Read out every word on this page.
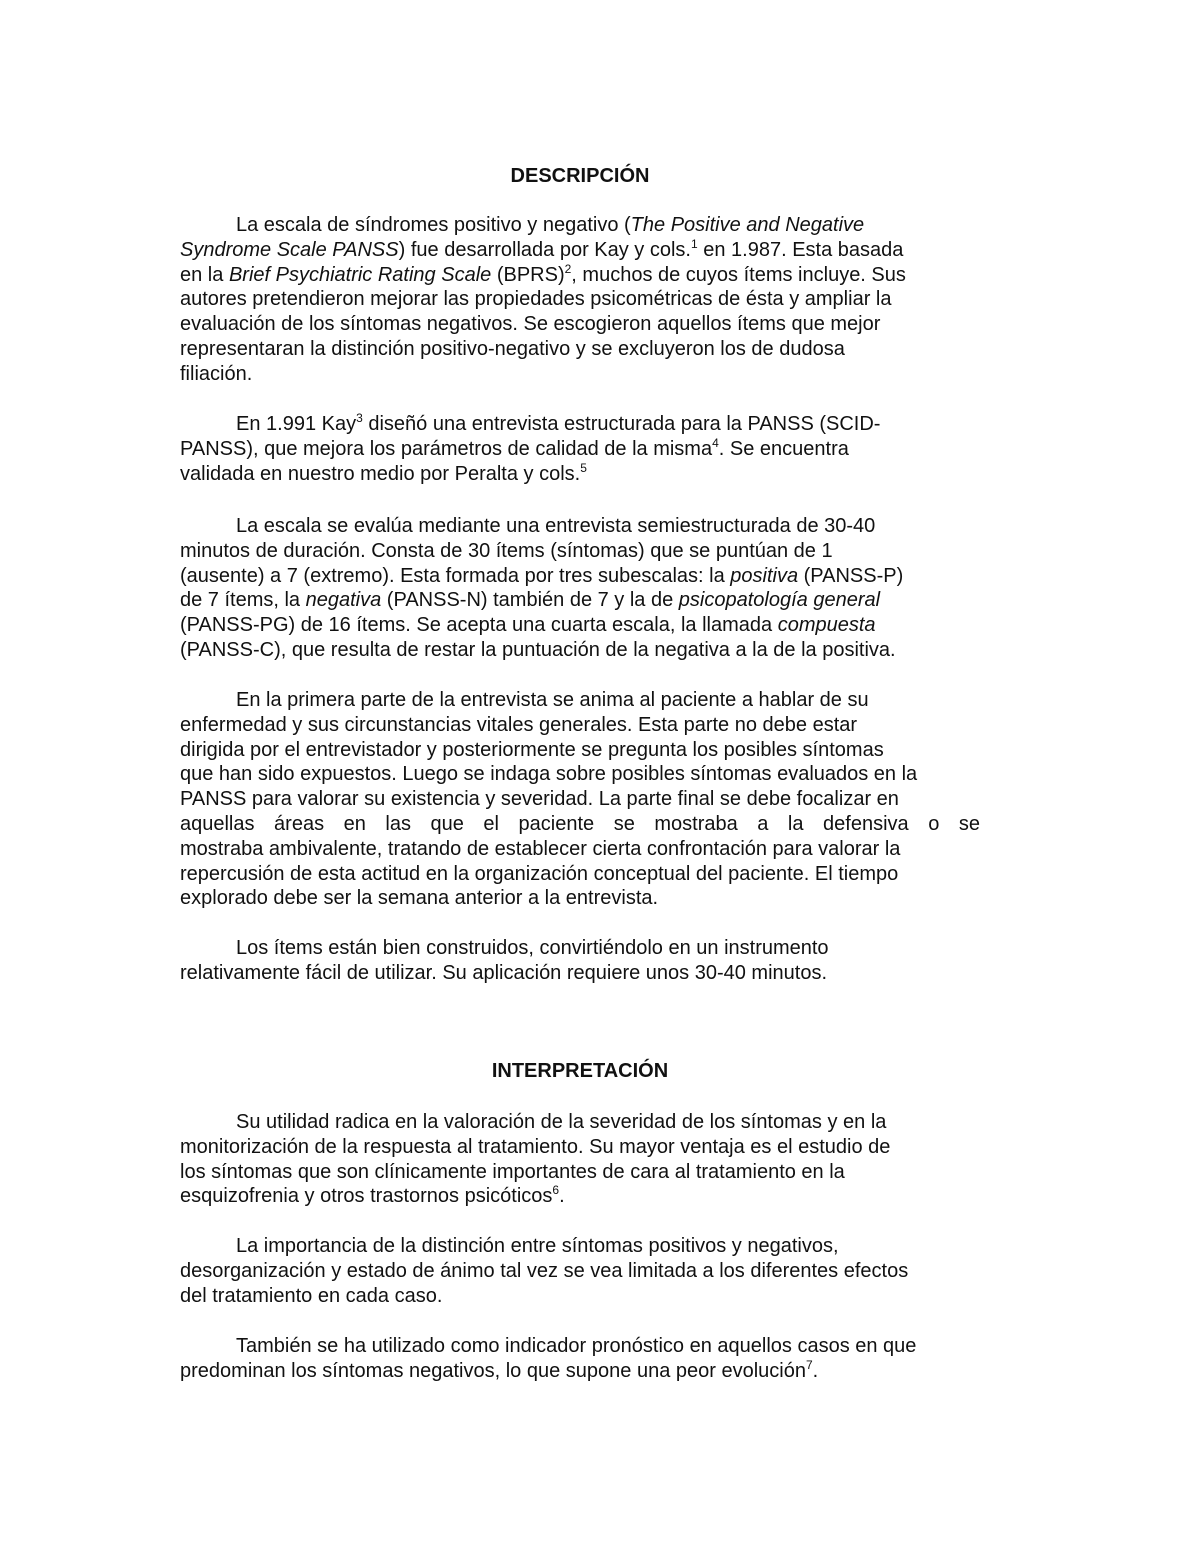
DESCRIPCIÓN
La escala de síndromes positivo y negativo (The Positive and Negative
Syndrome Scale PANSS) fue desarrollada por Kay y cols.$^1$ en 1.987. Esta basada
en la Brief Psychiatric Rating Scale (BPRS)$^2$, muchos de cuyos ítems incluye. Sus
autores pretendieron mejorar las propiedades psicométricas de ésta y ampliar la
evaluación de los síntomas negativos. Se escogieron aquellos ítems que mejor
representaran la distinción positivo-negativo y se excluyeron los de dudosa
filiación.
En 1.991 Kay$^3$ diseñó una entrevista estructurada para la PANSS (SCID-
PANSS), que mejora los parámetros de calidad de la misma$^4$. Se encuentra
validada en nuestro medio por Peralta y cols.$^5$
La escala se evalúa mediante una entrevista semiestructurada de 30-40
minutos de duración. Consta de 30 ítems (síntomas) que se puntúan de 1
(ausente) a 7 (extremo). Esta formada por tres subescalas: la positiva (PANSS-P)
de 7 ítems, la negativa (PANSS-N) también de 7 y la de psicopatología general
(PANSS-PG) de 16 ítems. Se acepta una cuarta escala, la llamada compuesta
(PANSS-C), que resulta de restar la puntuación de la negativa a la de la positiva.
En la primera parte de la entrevista se anima al paciente a hablar de su
enfermedad y sus circunstancias vitales generales. Esta parte no debe estar
dirigida por el entrevistador y posteriormente se pregunta los posibles síntomas
que han sido expuestos. Luego se indaga sobre posibles síntomas evaluados en la
PANSS para valorar su existencia y severidad. La parte final se debe focalizar en
aquellas áreas en las que el paciente se mostraba a la defensiva o se
mostraba ambivalente, tratando de establecer cierta confrontación para valorar la
repercusión de esta actitud en la organización conceptual del paciente. El tiempo
explorado debe ser la semana anterior a la entrevista.
Los ítems están bien construidos, convirtiéndolo en un instrumento
relativamente fácil de utilizar. Su aplicación requiere unos 30-40 minutos.
INTERPRETACIÓN
Su utilidad radica en la valoración de la severidad de los síntomas y en la
monitorización de la respuesta al tratamiento. Su mayor ventaja es el estudio de
los síntomas que son clínicamente importantes de cara al tratamiento en la
esquizofrenia y otros trastornos psicóticos$^6$.
La importancia de la distinción entre síntomas positivos y negativos,
desorganización y estado de ánimo tal vez se vea limitada a los diferentes efectos
del tratamiento en cada caso.
También se ha utilizado como indicador pronóstico en aquellos casos en que
predominan los síntomas negativos, lo que supone una peor evolución$^7$.
